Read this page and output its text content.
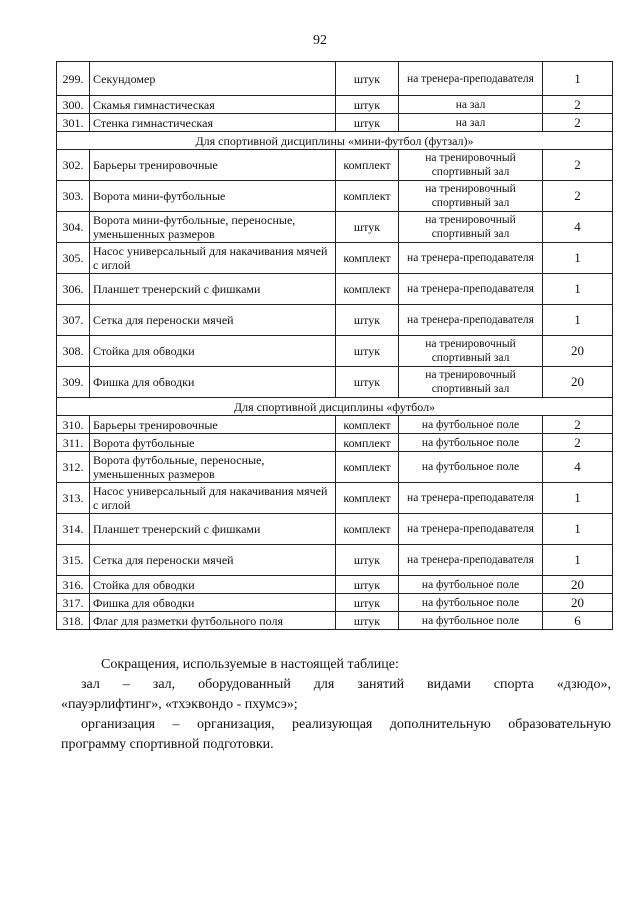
92
299.	Секундомер	штук	на тренера-преподавателя	1
300.	Скамья гимнастическая	штук	на зал	2
301.	Стенка гимнастическая	штук	на зал	2
Для спортивной дисциплины «мини-футбол (футзал)»				
302.	Барьеры тренировочные	комплект	на тренировочный спортивный зал	2
303.	Ворота мини-футбольные	комплект	на тренировочный спортивный зал	2
304.	Ворота мини-футбольные, переносные, уменьшенных размеров	штук	на тренировочный спортивный зал	4
305.	Насос универсальный для накачивания мячей с иглой	комплект	на тренера-преподавателя	1
306.	Планшет тренерский с фишками	комплект	на тренера-преподавателя	1
307.	Сетка для переноски мячей	штук	на тренера-преподавателя	1
308.	Стойка для обводки	штук	на тренировочный спортивный зал	20
309.	Фишка для обводки	штук	на тренировочный спортивный зал	20
Для спортивной дисциплины «футбол»				
310.	Барьеры тренировочные	комплект	на футбольное поле	2
311.	Ворота футбольные	комплект	на футбольное поле	2
312.	Ворота футбольные, переносные, уменьшенных размеров	комплект	на футбольное поле	4
313.	Насос универсальный для накачивания мячей с иглой	комплект	на тренера-преподавателя	1
314.	Планшет тренерский с фишками	комплект	на тренера-преподавателя	1
315.	Сетка для переноски мячей	штук	на тренера-преподавателя	1
316.	Стойка для обводки	штук	на футбольное поле	20
317.	Фишка для обводки	штук	на футбольное поле	20
318.	Флаг для разметки футбольного поля	штук	на футбольное поле	6

Сокращения, используемые в настоящей таблице:

зал – зал, оборудованный для занятий видами спорта «дзюдо»,

«пауэрлифтинг», «тхэквондо - пхумсэ»;

организация – организация, реализующая дополнительную образовательную

программу спортивной подготовки.
